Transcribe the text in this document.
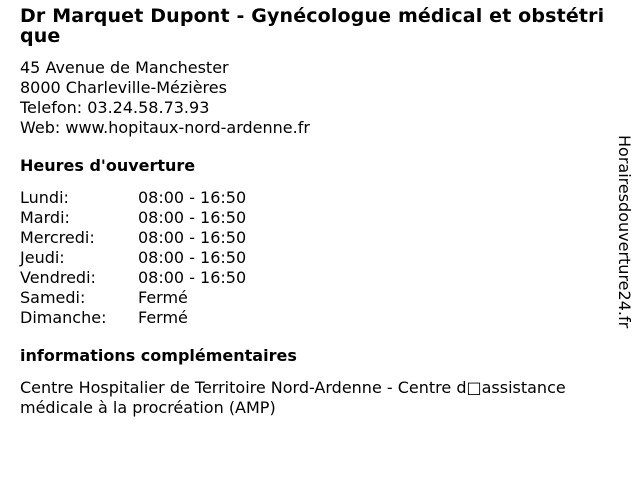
Dr Marquet Dupont - Gynécologue médical et obstétrique
45 Avenue de Manchester
8000 Charleville-Mézières
Telefon: 03.24.58.73.93
Web: www.hopitaux-nord-ardenne.fr
Heures d'ouverture
Lundi:	08:00 - 16:50
Mardi:	08:00 - 16:50
Mercredi:	08:00 - 16:50
Jeudi:	08:00 - 16:50
Vendredi:	08:00 - 16:50
Samedi:	Fermé
Dimanche:	Fermé
informations complémentaires
Centre Hospitalier de Territoire Nord-Ardenne - Centre d□assistance médicale à la procréation (AMP)
Horairesdouverture24.fr
